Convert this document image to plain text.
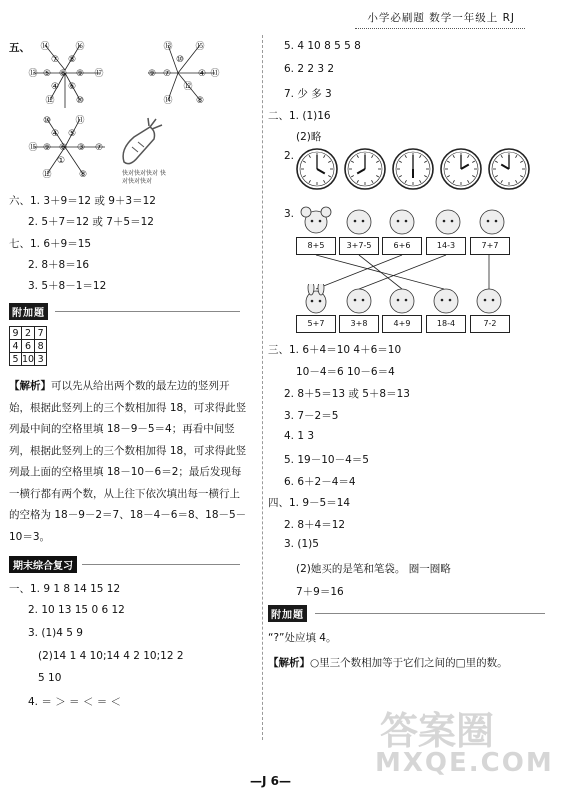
小学必刷题 数学一年级上 RJ
五、 ⑭	⑯
⑦ ⑧
⑬ ⑤ ⑧ ⑨ ⑰
④ ⑥
⑫ ⑩
⑬	⑮
⑨ ⑦	④ ⑪
⑩
⑫
⑭	⑧
⑩	⑪
④ ⑤
⑮ ⑨ ⑥ ③ ⑦
①
⑫	⑧	快对快对快对 快对快对快对
六、1. 3＋9＝12 或 9＋3＝12
2. 5＋7＝12 或 7＋5＝12
七、1. 6＋9＝15
2. 8＋8＝16
3. 5＋8－1＝12
附加题
9	2	7
4	6	8
5	10	3
【解析】可以先从给出两个数的最左边的竖列开始，根据此竖列上的三个数相加得 18，可求得此竖列最中间的空格里填 18－9－5＝4；再看中间竖列，根据此竖列上的三个数相加得 18，可求得此竖列最上面的空格里填 18－10－6＝2；最后发现每一横行都有两个数，从上往下依次填出每一横行上的空格为 18－9－2＝7、18－4－6＝8、18－5－10＝3。
期末综合复习
一、1. 9 1 8 14 15 12
2. 10 13 15 0 6 12
3. (1)4 5 9
(2)14 1 4 10;14 4 2 10;12 2
5 10
4. ＝ ＞ ＝ ＜ ＝ ＜
5. 4 10 8 5 5 8
6. 2 2 3 2
7. 少 多 3
二、1. (1)16
(2)略
2.
3.
8+5	3+7-5	6+6	14-3	7+7
5+7	3+8	4+9	18-4	7-2
三、1. 6＋4＝10 4＋6＝10
10－4＝6 10－6＝4
2. 8＋5＝13 或 5＋8＝13
3. 7－2＝5
4. 1 3
5. 19－10－4＝5
6. 6＋2－4＝4
四、1. 9－5＝14
2. 8＋4＝12
3. (1)5
(2)她买的是笔和笔袋。 圈一圈略
7＋9＝16
附加题
“?”处应填 4。
【解析】○里三个数相加等于它们之间的□里的数。
答案圈
MXQE.COM
—J 6—
